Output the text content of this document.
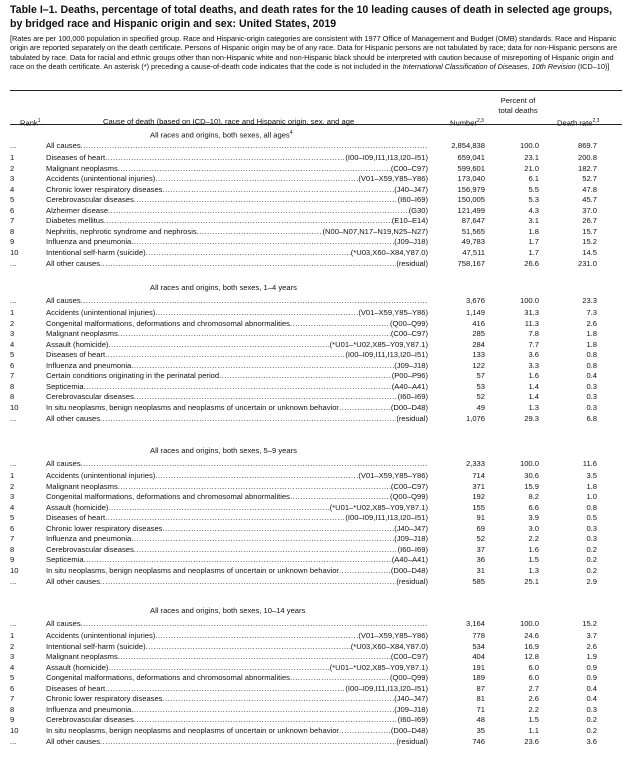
Table I–1. Deaths, percentage of total deaths, and death rates for the 10 leading causes of death in selected age groups, by bridged race and Hispanic origin and sex: United States, 2019
[Rates are per 100,000 population in specified group. Race and Hispanic-origin categories are consistent with 1977 Office of Management and Budget (OMB) standards. Race and Hispanic origin are reported separately on the death certificate. Persons of Hispanic origin may be of any race. Data for Hispanic persons are not tabulated by race; data for non-Hispanic persons are tabulated by race. Data for racial and ethnic groups other than non-Hispanic white and non-Hispanic black should be interpreted with caution because of misreporting of Hispanic origin and race on the death certificate. An asterisk (*) preceding a cause-of-death code indicates that the code is not included in the International Classification of Diseases, 10th Revision (ICD–10)]
Rank$^1$	Cause of death (based on ICD–10), race and Hispanic origin, sex, and age	Number$^{2,3}$
Percent of
total deaths
Death rate$^{2,3}$
All races and origins, both sexes, all ages$^4$
...	All causes .....	2,854,838	100.0	869.7
1	Diseases of heart .....	(I00–I09,I11,I13,I20–I51)	659,041	23.1	200.8
2	Malignant neoplasms .....	(C00–C97)	599,601	21.0	182.7
3	Accidents (unintentional injuries) .....	(V01–X59,Y85–Y86)	173,040	6.1	52.7
4	Chronic lower respiratory diseases .....	(J40–J47)	156,979	5.5	47.8
5	Cerebrovascular diseases .....	(I60–I69)	150,005	5.3	45.7
6	Alzheimer disease .....	(G30)	121,499	4.3	37.0
7	Diabetes mellitus .....	(E10–E14)	87,647	3.1	26.7
8	Nephritis, nephrotic syndrome and nephrosis .....	(N00–N07,N17–N19,N25–N27)	51,565	1.8	15.7
9	Influenza and pneumonia .....	(J09–J18)	49,783	1.7	15.2
10	Intentional self-harm (suicide) .....	(*U03,X60–X84,Y87.0)	47,511	1.7	14.5
...	All other causes .....	(residual)	758,167	26.6	231.0
All races and origins, both sexes, 1–4 years
...	All causes .....	3,676	100.0	23.3
1	Accidents (unintentional injuries) .....	(V01–X59,Y85–Y86)	1,149	31.3	7.3
2	Congenital malformations, deformations and chromosomal abnormalities .....	(Q00–Q99)	416	11.3	2.6
3	Malignant neoplasms .....	(C00–C97)	285	7.8	1.8
4	Assault (homicide) .....	(*U01–*U02,X85–Y09,Y87.1)	284	7.7	1.8
5	Diseases of heart .....	(I00–I09,I11,I13,I20–I51)	133	3.6	0.8
6	Influenza and pneumonia .....	(J09–J18)	122	3.3	0.8
7	Certain conditions originating in the perinatal period .....	(P00–P96)	57	1.6	0.4
8	Septicemia .....	(A40–A41)	53	1.4	0.3
8	Cerebrovascular diseases .....	(I60–I69)	52	1.4	0.3
10	In situ neoplasms, benign neoplasms and neoplasms of uncertain or unknown behavior .....	(D00–D48)	49	1.3	0.3
...	All other causes .....	(residual)	1,076	29.3	6.8
All races and origins, both sexes, 5–9 years
...	All causes .....	2,333	100.0	11.6
1	Accidents (unintentional injuries) .....	(V01–X59,Y85–Y86)	714	30.6	3.5
2	Malignant neoplasms .....	(C00–C97)	371	15.9	1.8
3	Congenital malformations, deformations and chromosomal abnormalities .....	(Q00–Q99)	192	8.2	1.0
4	Assault (homicide) .....	(*U01–*U02,X85–Y09,Y87.1)	155	6.6	0.8
5	Diseases of heart .....	(I00–I09,I11,I13,I20–I51)	91	3.9	0.5
6	Chronic lower respiratory diseases .....	(J40–J47)	69	3.0	0.3
7	Influenza and pneumonia .....	(J09–J18)	52	2.2	0.3
8	Cerebrovascular diseases .....	(I60–I69)	37	1.6	0.2
9	Septicemia .....	(A40–A41)	36	1.5	0.2
10	In situ neoplasms, benign neoplasms and neoplasms of uncertain or unknown behavior .....	(D00–D48)	31	1.3	0.2
...	All other causes .....	(residual)	585	25.1	2.9
All races and origins, both sexes, 10–14 years
...	All causes .....	3,164	100.0	15.2
1	Accidents (unintentional injuries) .....	(V01–X59,Y85–Y86)	778	24.6	3.7
2	Intentional self-harm (suicide) .....	(*U03,X60–X84,Y87.0)	534	16.9	2.6
3	Malignant neoplasms .....	(C00–C97)	404	12.8	1.9
4	Assault (homicide) .....	(*U01–*U02,X85–Y09,Y87.1)	191	6.0	0.9
5	Congenital malformations, deformations and chromosomal abnormalities .....	(Q00–Q99)	189	6.0	0.9
6	Diseases of heart .....	(I00–I09,I11,I13,I20–I51)	87	2.7	0.4
7	Chronic lower respiratory diseases .....	(J40–J47)	81	2.6	0.4
8	Influenza and pneumonia .....	(J09–J18)	71	2.2	0.3
9	Cerebrovascular diseases .....	(I60–I69)	48	1.5	0.2
10	In situ neoplasms, benign neoplasms and neoplasms of uncertain or unknown behavior .....	(D00–D48)	35	1.1	0.2
...	All other causes .....	(residual)	746	23.6	3.6
